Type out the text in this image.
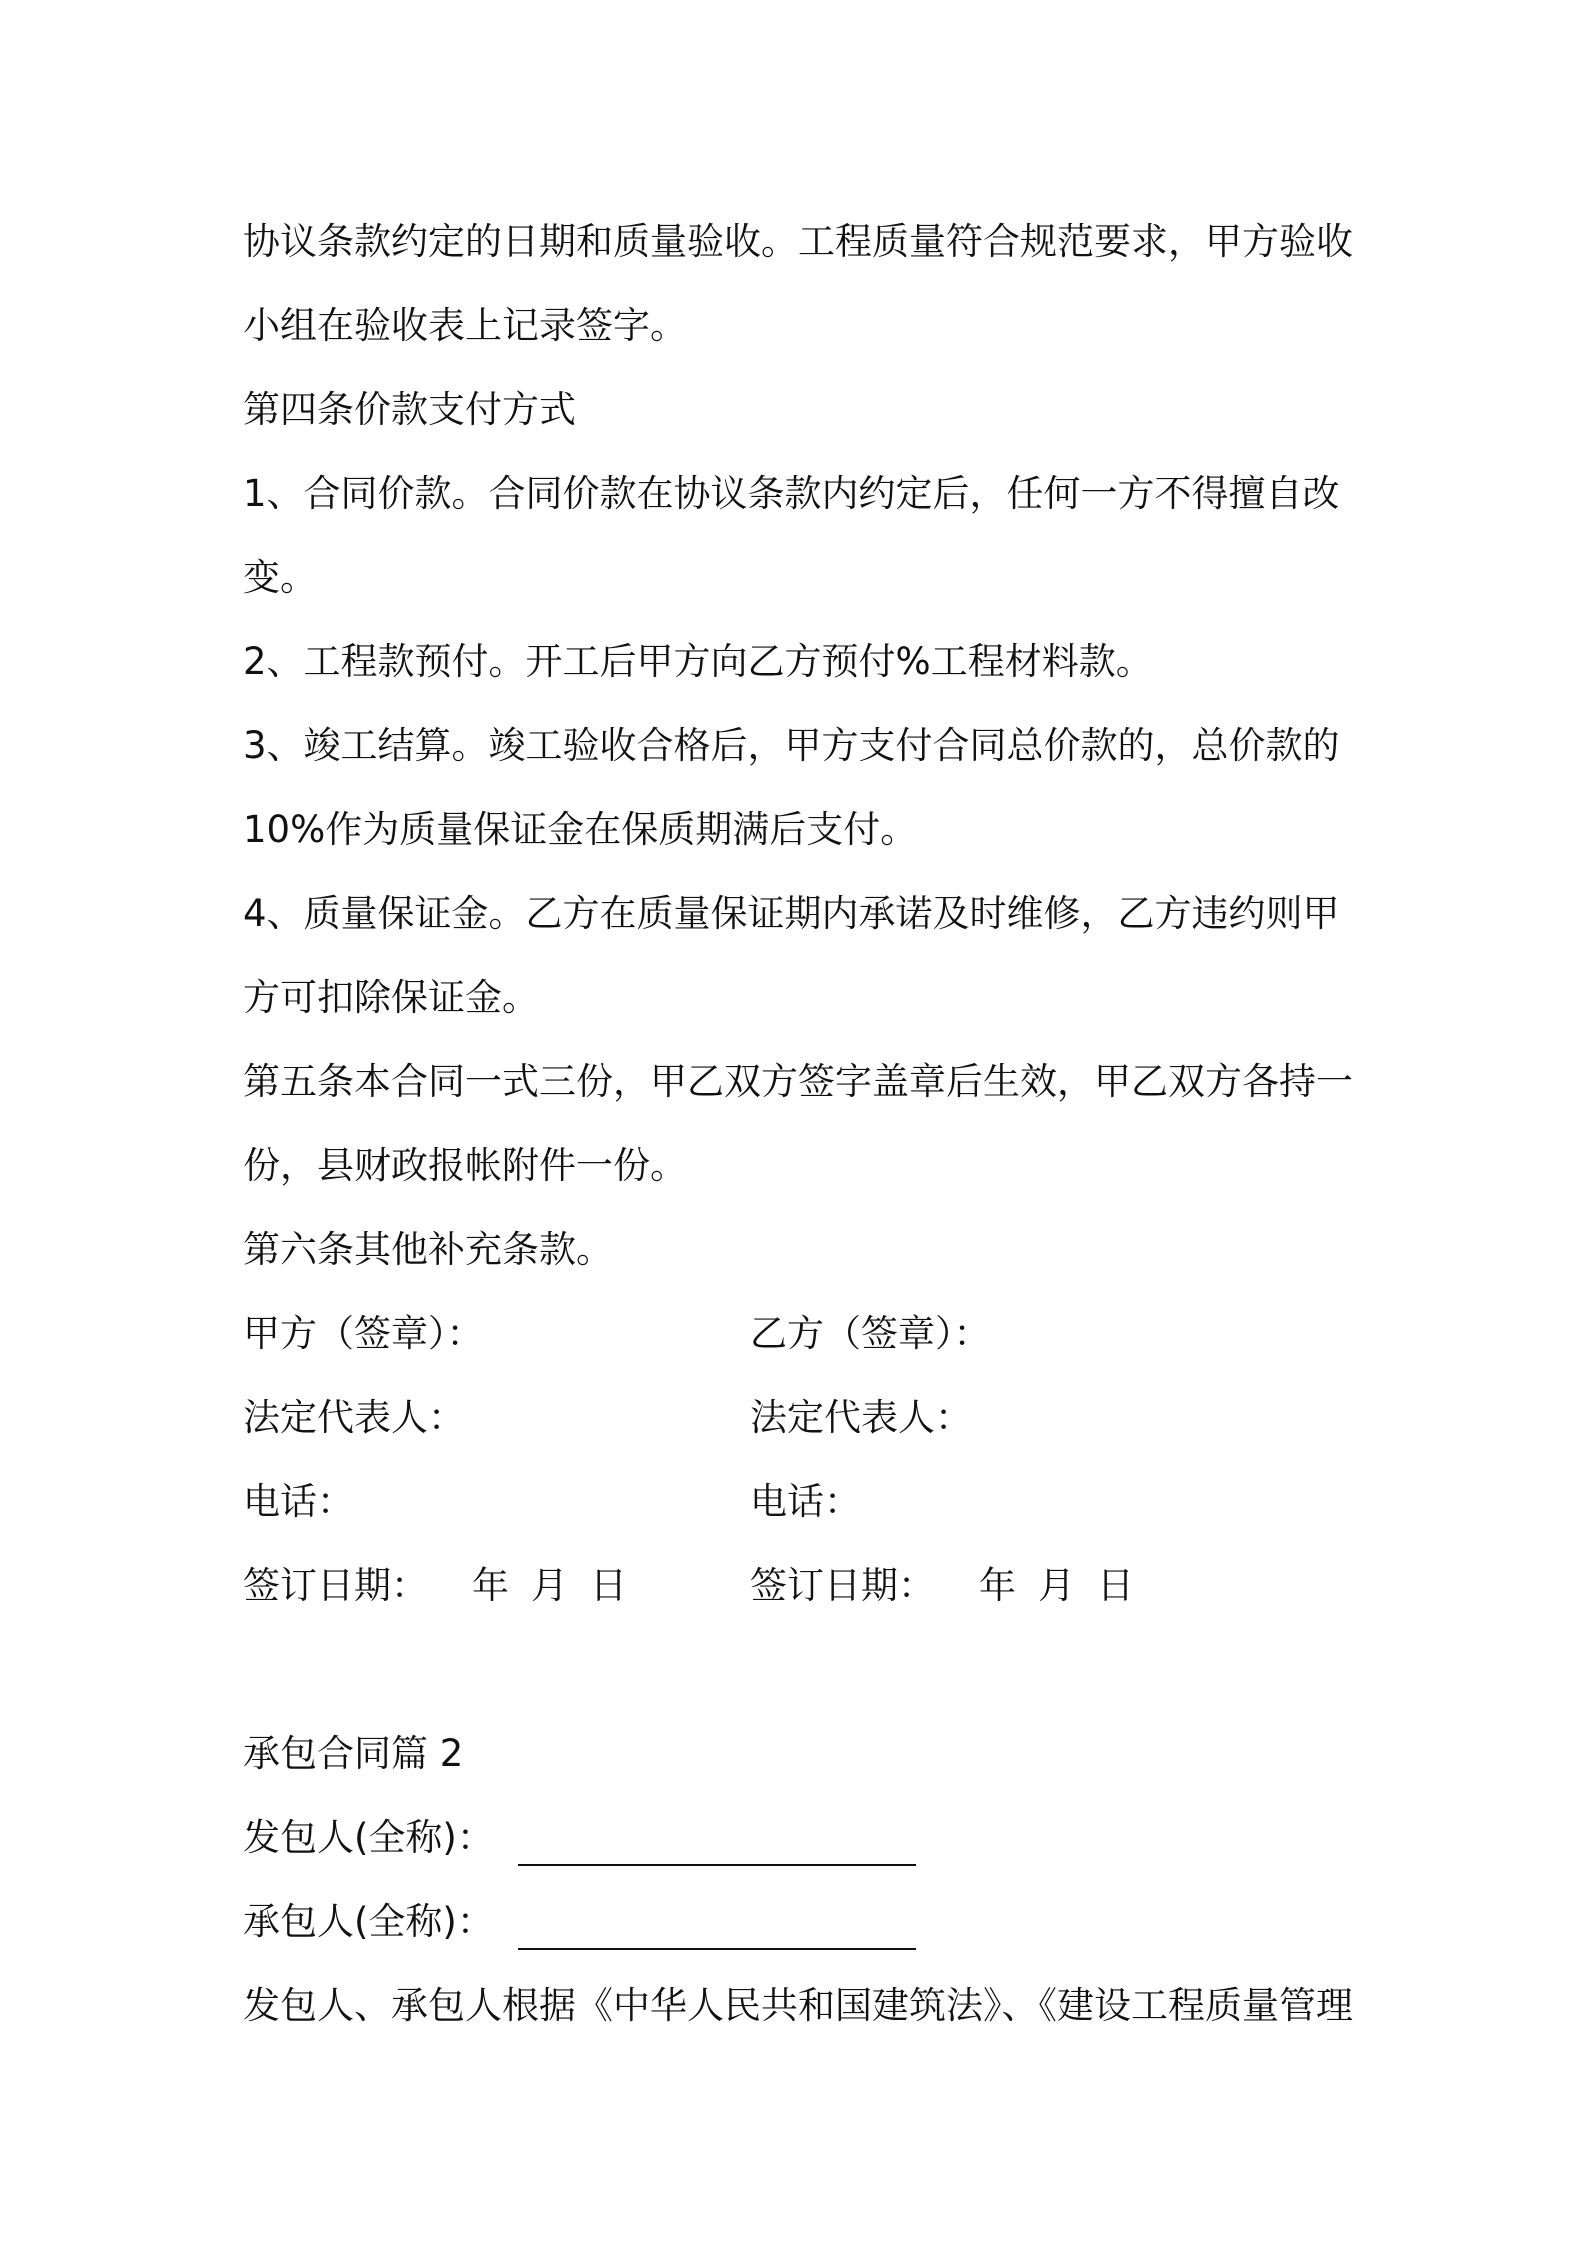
协议条款约定的日期和质量验收。工程质量符合规范要求，甲方验收
小组在验收表上记录签字。
第四条价款支付方式
1、合同价款。合同价款在协议条款内约定后，任何一方不得擅自改
变。
2、工程款预付。开工后甲方向乙方预付%工程材料款。
3、竣工结算。竣工验收合格后，甲方支付合同总价款的，总价款的
10%作为质量保证金在保质期满后支付。
4、质量保证金。乙方在质量保证期内承诺及时维修，乙方违约则甲
方可扣除保证金。
第五条本合同一式三份，甲乙双方签字盖章后生效，甲乙双方各持一
份，县财政报帐附件一份。
第六条其他补充条款。
甲方（签章）：	乙方（签章）：
法定代表人：	法定代表人：
电话：	电话：
签订日期： 年 月 日	签订日期： 年 月 日
承包合同篇 2
发包人(全称)：
承包人(全称)：
发包人、承包人根据《中华人民共和国建筑法》、《建设工程质量管理
